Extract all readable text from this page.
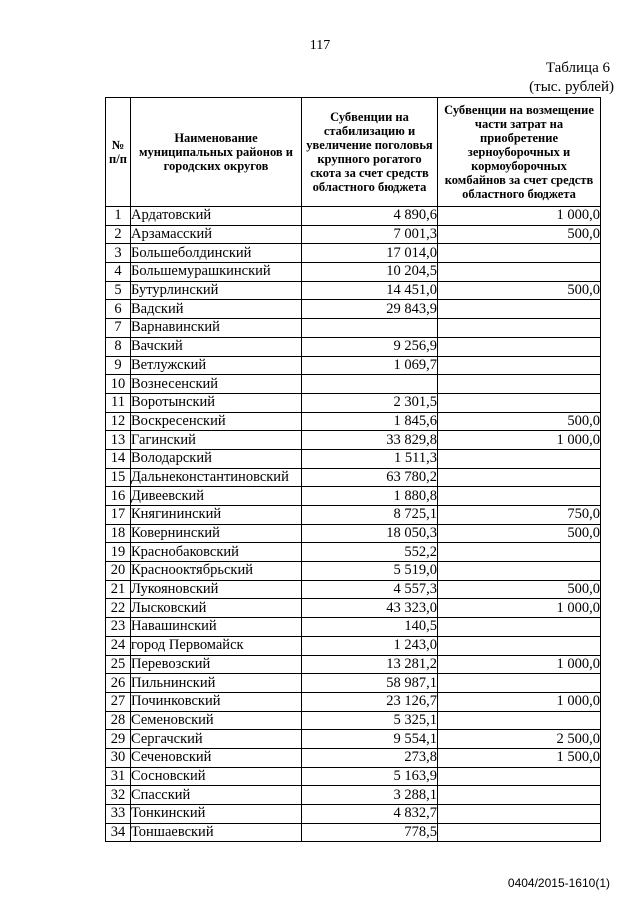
117
Таблица 6
(тыс. рублей)
№ п/п	Наименование муниципальных районов и городских округов	Субвенции на стабилизацию и увеличение поголовья крупного рогатого скота за счет средств областного бюджета	Субвенции на возмещение части затрат на приобретение зерноуборочных и кормоуборочных комбайнов за счет средств областного бюджета
1	Ардатовский	4 890,6	1 000,0
2	Арзамасский	7 001,3	500,0
3	Большеболдинский	17 014,0	
4	Большемурашкинский	10 204,5	
5	Бутурлинский	14 451,0	500,0
6	Вадский	29 843,9	
7	Варнавинский		
8	Вачский	9 256,9	
9	Ветлужский	1 069,7	
10	Вознесенский		
11	Воротынский	2 301,5	
12	Воскресенский	1 845,6	500,0
13	Гагинский	33 829,8	1 000,0
14	Володарский	1 511,3	
15	Дальнеконстантиновский	63 780,2	
16	Дивеевский	1 880,8	
17	Княгининский	8 725,1	750,0
18	Ковернинский	18 050,3	500,0
19	Краснобаковский	552,2	
20	Краснооктябрьский	5 519,0	
21	Лукояновский	4 557,3	500,0
22	Лысковский	43 323,0	1 000,0
23	Навашинский	140,5	
24	город Первомайск	1 243,0	
25	Перевозский	13 281,2	1 000,0
26	Пильнинский	58 987,1	
27	Починковский	23 126,7	1 000,0
28	Семеновский	5 325,1	
29	Сергачский	9 554,1	2 500,0
30	Сеченовский	273,8	1 500,0
31	Сосновский	5 163,9	
32	Спасский	3 288,1	
33	Тонкинский	4 832,7	
34	Тоншаевский	778,5	
0404/2015-1610(1)
